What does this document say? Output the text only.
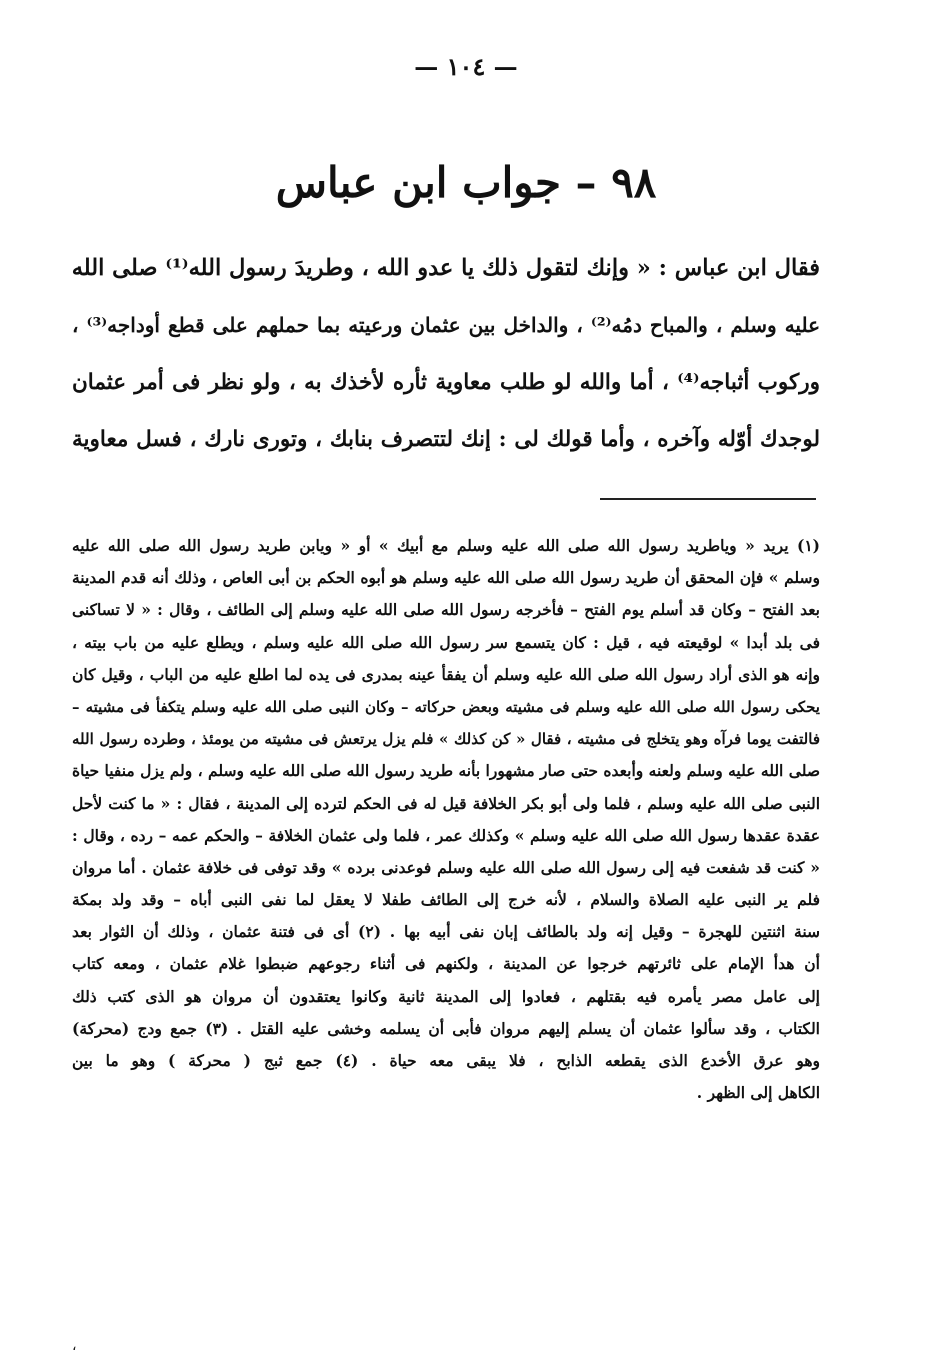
— ١٠٤ —
٩٨ – جواب ابن عباس
فقال ابن عباس : « وإنك لتقول ذلك يا عدو الله ، وطريدَ رسول الله⁽¹⁾ صلى الله
عليه وسلم ، والمباح دمُه⁽²⁾ ، والداخل بين عثمان ورعيته بما حملهم على قطع أوداجه⁽³⁾ ،
وركوب أثباجه⁽⁴⁾ ، أما والله لو طلب معاوية ثأره لأخذك به ، ولو نظر فى أمر عثمان
لوجدك أوّله وآخره ، وأما قولك لى : إنك لتتصرف بنابك ، وتورى نارك ، فسل معاوية
(١) يريد « وياطريد رسول الله صلى الله عليه وسلم مع أبيك » أو « ويابن طريد رسول الله صلى الله عليه
وسلم » فإن المحقق أن طريد رسول الله صلى الله عليه وسلم هو أبوه الحكم بن أبى العاص ، وذلك أنه قدم المدينة
بعد الفتح – وكان قد أسلم يوم الفتح – فأخرجه رسول الله صلى الله عليه وسلم إلى الطائف ، وقال : « لا تساكنى
فى بلد أبدا » لوقيعته فيه ، قيل : كان يتسمع سر رسول الله صلى الله عليه وسلم ، ويطلع عليه من باب بيته ،
وإنه هو الذى أراد رسول الله صلى الله عليه وسلم أن يفقأ عينه بمدرى فى يده لما اطلع عليه من الباب ، وقيل كان
يحكى رسول الله صلى الله عليه وسلم فى مشيته وبعض حركاته – وكان النبى صلى الله عليه وسلم يتكفأ فى مشيته –
فالتفت يوما فرآه وهو يتخلج فى مشيته ، فقال « كن كذلك » فلم يزل يرتعش فى مشيته من يومئذ ، وطرده رسول الله
صلى الله عليه وسلم ولعنه وأبعده حتى صار مشهورا بأنه طريد رسول الله صلى الله عليه وسلم ، ولم يزل منفيا حياة
النبى صلى الله عليه وسلم ، فلما ولى أبو بكر الخلافة قيل له فى الحكم لترده إلى المدينة ، فقال : « ما كنت لأحل
عقدة عقدها رسول الله صلى الله عليه وسلم » وكذلك عمر ، فلما ولى عثمان الخلافة – والحكم عمه – رده ، وقال :
« كنت قد شفعت فيه إلى رسول الله صلى الله عليه وسلم فوعدنى برده » وقد توفى فى خلافة عثمان . أما مروان
فلم ير النبى عليه الصلاة والسلام ، لأنه خرج إلى الطائف طفلا لا يعقل لما نفى النبى أباه – وقد ولد بمكة
سنة اثنتين للهجرة – وقيل إنه ولد بالطائف إبان نفى أبيه بها . (٢) أى فى فتنة عثمان ، وذلك أن الثوار بعد
أن هدأ الإمام على ثائرتهم خرجوا عن المدينة ، ولكنهم فى أثناء رجوعهم ضبطوا غلام عثمان ، ومعه كتاب
إلى عامل مصر يأمره فيه بقتلهم ، فعادوا إلى المدينة ثانية وكانوا يعتقدون أن مروان هو الذى كتب ذلك
الكتاب ، وقد سألوا عثمان أن يسلم إليهم مروان فأبى أن يسلمه وخشى عليه القتل . (٣) جمع ودج (محركة)
وهو عرق الأخدع الذى يقطعه الذابح ، فلا يبقى معه حياة . (٤) جمع ثبج ( محركة ) وهو ما بين
الكاهل إلى الظهر .
،
